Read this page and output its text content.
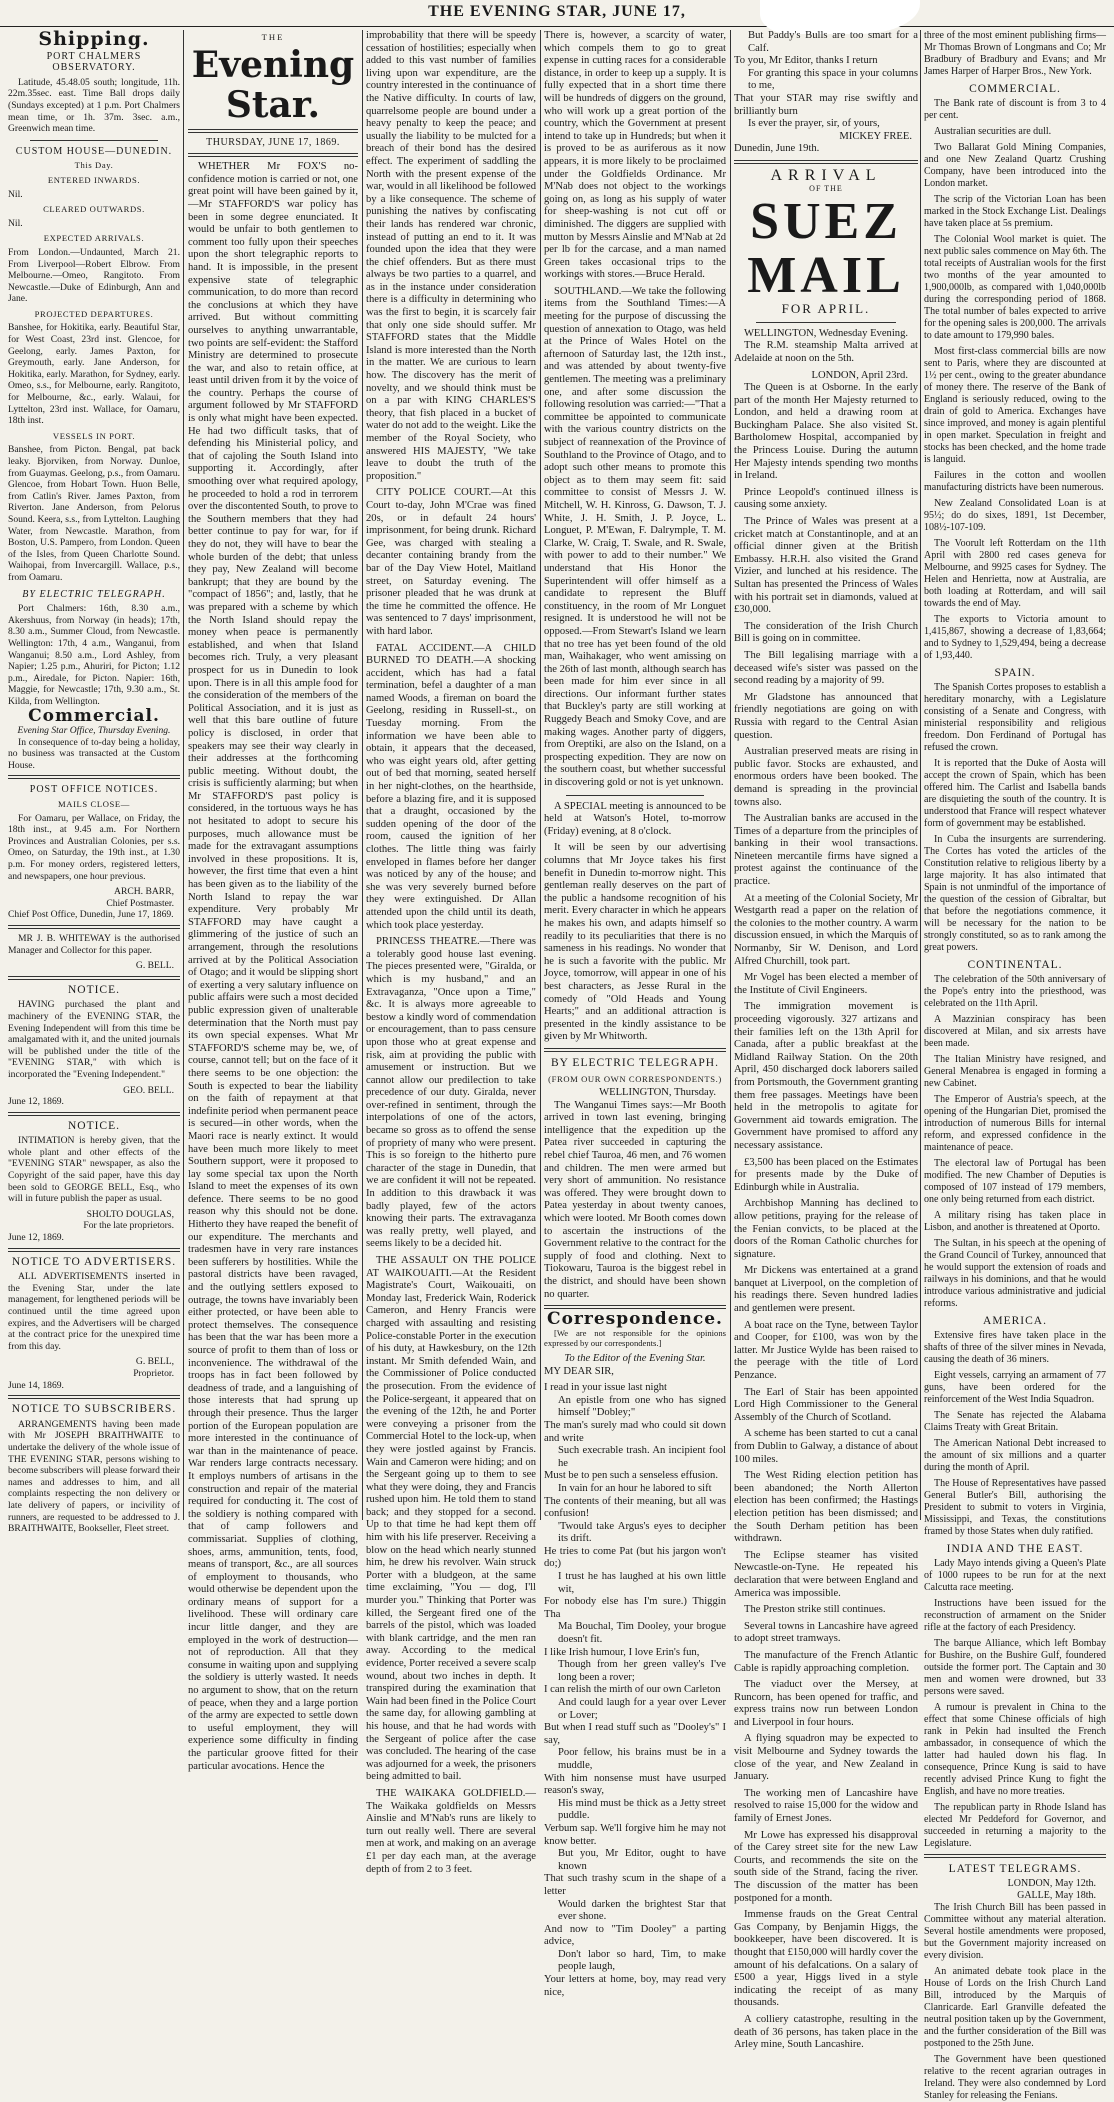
THE EVENING STAR, JUNE 17,
Shipping.
PORT CHALMERS OBSERVATORY.

Latitude, 45.48.05 south; longitude, 11h. 22m.35sec. east. Time Ball drops daily (Sundays excepted) at 1 p.m. Port Chalmers mean time, or 1h. 37m. 3sec. a.m., Greenwich mean time.

CUSTOM HOUSE—DUNEDIN.
This Day.
ENTERED INWARDS.

Nil.

CLEARED OUTWARDS.

Nil.

EXPECTED ARRIVALS.

From London.—Undaunted, March 21. From Liverpool—Robert Elbrow. From Melbourne.—Omeo, Rangitoto. From Newcastle.—Duke of Edinburgh, Ann and Jane.

PROJECTED DEPARTURES.

Banshee, for Hokitika, early. Beautiful Star, for West Coast, 23rd inst. Glencoe, for Geelong, early. James Paxton, for Greymouth, early. Jane Anderson, for Hokitika, early. Marathon, for Sydney, early. Omeo, s.s., for Melbourne, early. Rangitoto, for Melbourne, &c., early. Walaui, for Lyttelton, 23rd inst. Wallace, for Oamaru, 18th inst.

VESSELS IN PORT.

Banshee, from Picton. Bengal, pat back leaky. Bjorviken, from Norway. Dunloe, from Guaymas. Geelong, p.s., from Oamaru. Glencoe, from Hobart Town. Huon Belle, from Catlin's River. James Paxton, from Riverton. Jane Anderson, from Pelorus Sound. Keera, s.s., from Lyttelton. Laughing Water, from Newcastle. Marathon, from Boston, U.S. Pampero, from London. Queen of the Isles, from Queen Charlotte Sound. Waihopai, from Invercargill. Wallace, p.s., from Oamaru.

BY ELECTRIC TELEGRAPH.

Port Chalmers: 16th, 8.30 a.m., Akershuus, from Norway (in heads); 17th, 8.30 a.m., Summer Cloud, from Newcastle. Wellington: 17th, 4 a.m., Wanganui, from Wanganui; 8.50 a.m., Lord Ashley, from Napier; 1.25 p.m., Ahuriri, for Picton; 1.12 p.m., Airedale, for Picton. Napier: 16th, Maggie, for Newcastle; 17th, 9.30 a.m., St. Kilda, from Wellington.

Commercial.
Evening Star Office, Thursday Evening.

In consequence of to-day being a holiday, no business was transacted at the Custom House.

POST OFFICE NOTICES.
MAILS CLOSE—

For Oamaru, per Wallace, on Friday, the 18th inst., at 9.45 a.m. For Northern Provinces and Australian Colonies, per s.s. Omeo, on Saturday, the 19th inst., at 1.30 p.m. For money orders, registered letters, and newspapers, one hour previous.

ARCH. BARR,
Chief Postmaster.

Chief Post Office, Dunedin, June 17, 1869.

MR J. B. WHITEWAY is the authorised Manager and Collector for this paper.

G. BELL.
NOTICE.

HAVING purchased the plant and machinery of the EVENING STAR, the Evening Independent will from this time be amalgamated with it, and the united journals will be published under the title of the "EVENING STAR," with which is incorporated the "Evening Independent."

GEO. BELL.

June 12, 1869.

NOTICE.

INTIMATION is hereby given, that the whole plant and other effects of the "EVENING STAR" newspaper, as also the Copyright of the said paper, have this day been sold to GEORGE BELL, Esq., who will in future publish the paper as usual.

SHOLTO DOUGLAS,
For the late proprietors.

June 12, 1869.

NOTICE TO ADVERTISERS.

ALL ADVERTISEMENTS inserted in the Evening Star, under the late management, for lengthened periods will be continued until the time agreed upon expires, and the Advertisers will be charged at the contract price for the unexpired time from this day.

G. BELL,
Proprietor.

June 14, 1869.

NOTICE TO SUBSCRIBERS.

ARRANGEMENTS having been made with Mr JOSEPH BRAITHWAITE to undertake the delivery of the whole issue of THE EVENING STAR, persons wishing to become subscribers will please forward their names and addresses to him, and all complaints respecting the non delivery or late delivery of papers, or incivility of runners, are requested to be addressed to J. BRAITHWAITE, Bookseller, Fleet street.

THE
Evening Star.
THURSDAY, JUNE 17, 1869.

WHETHER Mr FOX'S no-confidence motion is carried or not, one great point will have been gained by it,—Mr STAFFORD'S war policy has been in some degree enunciated. It would be unfair to both gentlemen to comment too fully upon their speeches upon the short telegraphic reports to hand. It is impossible, in the present expensive state of telegraphic communication, to do more than record the conclusions at which they have arrived. But without committing ourselves to anything unwarrantable, two points are self-evident: the Stafford Ministry are determined to prosecute the war, and also to retain office, at least until driven from it by the voice of the country. Perhaps the course of argument followed by Mr STAFFORD is only what might have been expected. He had two difficult tasks, that of defending his Ministerial policy, and that of cajoling the South Island into supporting it. Accordingly, after smoothing over what required apology, he proceeded to hold a rod in terrorem over the discontented South, to prove to the Southern members that they had better continue to pay for war, for if they do not, they will have to bear the whole burden of the debt; that unless they pay, New Zealand will become bankrupt; that they are bound by the "compact of 1856"; and, lastly, that he was prepared with a scheme by which the North Island should repay the money when peace is permanently established, and when that Island becomes rich. Truly, a very pleasant prospect for us in Dunedin to look upon. There is in all this ample food for the consideration of the members of the Political Association, and it is just as well that this bare outline of future policy is disclosed, in order that speakers may see their way clearly in their addresses at the forthcoming public meeting. Without doubt, the crisis is sufficiently alarming; but when Mr STAFFORD'S past policy is considered, in the tortuous ways he has not hesitated to adopt to secure his purposes, much allowance must be made for the extravagant assumptions involved in these propositions. It is, however, the first time that even a hint has been given as to the liability of the North Island to repay the war expenditure. Very probably Mr STAFFORD may have caught a glimmering of the justice of such an arrangement, through the resolutions arrived at by the Political Association of Otago; and it would be slipping short of exerting a very salutary influence on public affairs were such a most decided public expression given of unalterable determination that the North must pay its own special expenses. What Mr STAFFORD'S scheme may be, we, of course, cannot tell; but on the face of it there seems to be one objection: the South is expected to bear the liability on the faith of repayment at that indefinite period when permanent peace is secured—in other words, when the Maori race is nearly extinct. It would have been much more likely to meet Southern support, were it proposed to lay some special tax upon the North Island to meet the expenses of its own defence. There seems to be no good reason why this should not be done. Hitherto they have reaped the benefit of our expenditure. The merchants and tradesmen have in very rare instances been sufferers by hostilities. While the pastoral districts have been ravaged, and the outlying settlers exposed to outrage, the towns have invariably been either protected, or have been able to protect themselves. The consequence has been that the war has been more a source of profit to them than of loss or inconvenience. The withdrawal of the troops has in fact been followed by deadness of trade, and a languishing of those interests that had sprung up through their presence. Thus the larger portion of the European population are more interested in the continuance of war than in the maintenance of peace. War renders large contracts necessary. It employs numbers of artisans in the construction and repair of the material required for conducting it. The cost of the soldiery is nothing compared with that of camp followers and commissariat. Supplies of clothing, shoes, arms, ammunition, tents, food, means of transport, &c., are all sources of employment to thousands, who would otherwise be dependent upon the ordinary means of support for a livelihood. These will ordinary care incur little danger, and they are employed in the work of destruction—not of reproduction. All that they consume in waiting upon and supplying the soldiery is utterly wasted. It needs no argument to show, that on the return of peace, when they and a large portion of the army are expected to settle down to useful employment, they will experience some difficulty in finding the particular groove fitted for their particular avocations. Hence the

improbability that there will be speedy cessation of hostilities; especially when added to this vast number of families living upon war expenditure, are the country interested in the continuance of the Native difficulty. In courts of law, quarrelsome people are bound under a heavy penalty to keep the peace; and usually the liability to be mulcted for a breach of their bond has the desired effect. The experiment of saddling the North with the present expense of the war, would in all likelihood be followed by a like consequence. The scheme of punishing the natives by confiscating their lands has rendered war chronic, instead of putting an end to it. It was founded upon the idea that they were the chief offenders. But as there must always be two parties to a quarrel, and as in the instance under consideration there is a difficulty in determining who was the first to begin, it is scarcely fair that only one side should suffer. Mr STAFFORD states that the Middle Island is more interested than the North in the matter. We are curious to learn how. The discovery has the merit of novelty, and we should think must be on a par with KING CHARLES'S theory, that fish placed in a bucket of water do not add to the weight. Like the member of the Royal Society, who answered HIS MAJESTY, "We take leave to doubt the truth of the proposition."

CITY POLICE COURT.—At this Court to-day, John M'Crae was fined 20s, or in default 24 hours' imprisonment, for being drunk. Richard Gee, was charged with stealing a decanter containing brandy from the bar of the Day View Hotel, Maitland street, on Saturday evening. The prisoner pleaded that he was drunk at the time he committed the offence. He was sentenced to 7 days' imprisonment, with hard labor.

FATAL ACCIDENT.—A CHILD BURNED TO DEATH.—A shocking accident, which has had a fatal termination, befel a daughter of a man named Woods, a fireman on board the Geelong, residing in Russell-st., on Tuesday morning. From the information we have been able to obtain, it appears that the deceased, who was eight years old, after getting out of bed that morning, seated herself in her night-clothes, on the hearthside, before a blazing fire, and it is supposed that a draught, occasioned by the sudden opening of the door of the room, caused the ignition of her clothes. The little thing was fairly enveloped in flames before her danger was noticed by any of the house; and she was very severely burned before they were extinguished. Dr Allan attended upon the child until its death, which took place yesterday.

PRINCESS THEATRE.—There was a tolerably good house last evening. The pieces presented were, "Giralda, or which is my husband," and an Extravaganza, "Once upon a Time," &c. It is always more agreeable to bestow a kindly word of commendation or encouragement, than to pass censure upon those who at great expense and risk, aim at providing the public with amusement or instruction. But we cannot allow our predilection to take precedence of our duty. Giralda, never over-refined in sentiment, through the interpolations of one of the actors, became so gross as to offend the sense of propriety of many who were present. This is so foreign to the hitherto pure character of the stage in Dunedin, that we are confident it will not be repeated. In addition to this drawback it was badly played, few of the actors knowing their parts. The extravaganza was really pretty, well played, and seems likely to be a decided hit.

THE ASSAULT ON THE POLICE AT WAIKOUAITI.—At the Resident Magistrate's Court, Waikouaiti, on Monday last, Frederick Wain, Roderick Cameron, and Henry Francis were charged with assaulting and resisting Police-constable Porter in the execution of his duty, at Hawkesbury, on the 12th instant. Mr Smith defended Wain, and the Commissioner of Police conducted the prosecution. From the evidence of the Police-sergeant, it appeared that on the evening of the 12th, he and Porter were conveying a prisoner from the Commercial Hotel to the lock-up, when they were jostled against by Francis. Wain and Cameron were hiding; and on the Sergeant going up to them to see what they were doing, they and Francis rushed upon him. He told them to stand back; and they stopped for a second. Up to that time he had kept them off him with his life preserver. Receiving a blow on the head which nearly stunned him, he drew his revolver. Wain struck Porter with a bludgeon, at the same time exclaiming, "You — dog, I'll murder you." Thinking that Porter was killed, the Sergeant fired one of the barrels of the pistol, which was loaded with blank cartridge, and the men ran away. According to the medical evidence, Porter received a severe scalp wound, about two inches in depth. It transpired during the examination that Wain had been fined in the Police Court the same day, for allowing gambling at his house, and that he had words with the Sergeant of police after the case was concluded. The hearing of the case was adjourned for a week, the prisoners being admitted to bail.

THE WAIKAKA GOLDFIELD.—The Waikaka goldfields on Messrs Ainslie and M'Nab's runs are likely to turn out really well. There are several men at work, and making on an average £1 per day each man, at the average depth of from 2 to 3 feet.

There is, however, a scarcity of water, which compels them to go to great expense in cutting races for a considerable distance, in order to keep up a supply. It is fully expected that in a short time there will be hundreds of diggers on the ground, who will work up a great portion of the country, which the Government at present intend to take up in Hundreds; but when it is proved to be as auriferous as it now appears, it is more likely to be proclaimed under the Goldfields Ordinance. Mr M'Nab does not object to the workings going on, as long as his supply of water for sheep-washing is not cut off or diminished. The diggers are supplied with mutton by Messrs Ainslie and M'Nab at 2d per lb for the carcase, and a man named Green takes occasional trips to the workings with stores.—Bruce Herald.

SOUTHLAND.—We take the following items from the Southland Times:—A meeting for the purpose of discussing the question of annexation to Otago, was held at the Prince of Wales Hotel on the afternoon of Saturday last, the 12th inst., and was attended by about twenty-five gentlemen. The meeting was a preliminary one, and after some discussion the following resolution was carried:—"That a committee be appointed to communicate with the various country districts on the subject of reannexation of the Province of Southland to the Province of Otago, and to adopt such other means to promote this object as to them may seem fit: said committee to consist of Messrs J. W. Mitchell, W. H. Kinross, G. Dawson, T. J. White, J. H. Smith, J. P. Joyce, L. Longuet, P. M'Ewan, F. Dalrymple, T. M. Clarke, W. Craig, T. Swale, and R. Swale, with power to add to their number." We understand that His Honor the Superintendent will offer himself as a candidate to represent the Bluff constituency, in the room of Mr Longuet resigned. It is understood he will not be opposed.—From Stewart's Island we learn that no tree has yet been found of the old man, Waihakager, who went amissing on the 26th of last month, although search has been made for him ever since in all directions. Our informant further states that Buckley's party are still working at Ruggedy Beach and Smoky Cove, and are making wages. Another party of diggers, from Oreptiki, are also on the Island, on a prospecting expedition. They are now on the southern coast, but whether successful in discovering gold or not is yet unknown.

A SPECIAL meeting is announced to be held at Watson's Hotel, to-morrow (Friday) evening, at 8 o'clock.

It will be seen by our advertising columns that Mr Joyce takes his first benefit in Dunedin to-morrow night. This gentleman really deserves on the part of the public a handsome recognition of his merit. Every character in which he appears he makes his own, and adapts himself so readily to its peculiarities that there is no sameness in his readings. No wonder that he is such a favorite with the public. Mr Joyce, tomorrow, will appear in one of his best characters, as Jesse Rural in the comedy of "Old Heads and Young Hearts;" and an additional attraction is presented in the kindly assistance to be given by Mr Whitworth.

BY ELECTRIC TELEGRAPH.
(FROM OUR OWN CORRESPONDENTS.)
WELLINGTON, Thursday.

The Wanganui Times says:—Mr Booth arrived in town last evening, bringing intelligence that the expedition up the Patea river succeeded in capturing the rebel chief Tauroa, 46 men, and 76 women and children. The men were armed but very short of ammunition. No resistance was offered. They were brought down to Patea yesterday in about twenty canoes, which were looted. Mr Booth comes down to ascertain the instructions of the Government relative to the contract for the supply of food and clothing. Next to Tiokowaru, Tauroa is the biggest rebel in the district, and should have been shown no quarter.

Correspondence.

[We are not responsible for the opinions expressed by our correspondents.]

To the Editor of the Evening Star.

MY DEAR SIR,

I read in your issue last night

An epistle from one who has signed himself "Dobley;"

The man's surely mad who could sit down and write

Such execrable trash. An incipient fool he

Must be to pen such a senseless effusion.

In vain for an hour he labored to sift

The contents of their meaning, but all was confusion!

'Twould take Argus's eyes to decipher its drift.

He tries to come Pat (but his jargon won't do;)

I trust he has laughed at his own little wit,

For nobody else has I'm sure.) Thiggin Tha

Ma Bouchal, Tim Dooley, your brogue doesn't fit.

I like Irish humour, I love Erin's fun,

Though from her green valley's I've long been a rover;

I can relish the mirth of our own Carleton

And could laugh for a year over Lever or Lover;

But when I read stuff such as "Dooley's" I say,

Poor fellow, his brains must be in a muddle,

With him nonsense must have usurped reason's sway,

His mind must be thick as a Jetty street puddle.

Verbum sap. We'll forgive him he may not know better.

But you, Mr Editor, ought to have known

That such trashy scum in the shape of a letter

Would darken the brightest Star that ever shone.

And now to "Tim Dooley" a parting advice,

Don't labor so hard, Tim, to make people laugh,

Your letters at home, boy, may read very nice,

But Paddy's Bulls are too smart for a Calf.

To you, Mr Editor, thanks I return

For granting this space in your columns to me,

That your STAR may rise swiftly and brilliantly burn

Is ever the prayer, sir, of yours,

MICKEY FREE.

Dunedin, June 19th.

ARRIVAL
OF THE
SUEZ MAIL
FOR APRIL.
WELLINGTON, Wednesday Evening.

The R.M. steamship Malta arrived at Adelaide at noon on the 5th.

LONDON, April 23rd.

The Queen is at Osborne. In the early part of the month Her Majesty returned to London, and held a drawing room at Buckingham Palace. She also visited St. Bartholomew Hospital, accompanied by the Princess Louise. During the autumn Her Majesty intends spending two months in Ireland.

Prince Leopold's continued illness is causing some anxiety.

The Prince of Wales was present at a cricket match at Constantinople, and at an official dinner given at the British Embassy. H.R.H. also visited the Grand Vizier, and lunched at his residence. The Sultan has presented the Princess of Wales with his portrait set in diamonds, valued at £30,000.

The consideration of the Irish Church Bill is going on in committee.

The Bill legalising marriage with a deceased wife's sister was passed on the second reading by a majority of 99.

Mr Gladstone has announced that friendly negotiations are going on with Russia with regard to the Central Asian question.

Australian preserved meats are rising in public favor. Stocks are exhausted, and enormous orders have been booked. The demand is spreading in the provincial towns also.

The Australian banks are accused in the Times of a departure from the principles of banking in their wool transactions. Nineteen mercantile firms have signed a protest against the continuance of the practice.

At a meeting of the Colonial Society, Mr Westgarth read a paper on the relation of the colonies to the mother country. A warm discussion ensued, in which the Marquis of Normanby, Sir W. Denison, and Lord Alfred Churchill, took part.

Mr Vogel has been elected a member of the Institute of Civil Engineers.

The immigration movement is proceeding vigorously. 327 artizans and their families left on the 13th April for Canada, after a public breakfast at the Midland Railway Station. On the 20th April, 450 discharged dock laborers sailed from Portsmouth, the Government granting them free passages. Meetings have been held in the metropolis to agitate for Government aid towards emigration. The Government have promised to afford any necessary assistance.

£3,500 has been placed on the Estimates for presents made by the Duke of Edinburgh while in Australia.

Archbishop Manning has declined to allow petitions, praying for the release of the Fenian convicts, to be placed at the doors of the Roman Catholic churches for signature.

Mr Dickens was entertained at a grand banquet at Liverpool, on the completion of his readings there. Seven hundred ladies and gentlemen were present.

A boat race on the Tyne, between Taylor and Cooper, for £100, was won by the latter. Mr Justice Wylde has been raised to the peerage with the title of Lord Penzance.

The Earl of Stair has been appointed Lord High Commissioner to the General Assembly of the Church of Scotland.

A scheme has been started to cut a canal from Dublin to Galway, a distance of about 100 miles.

The West Riding election petition has been abandoned; the North Allerton election has been confirmed; the Hastings election petition has been dismissed; and the South Derham petition has been withdrawn.

The Eclipse steamer has visited Newcastle-on-Tyne. He repeated his declaration that were between England and America was impossible.

The Preston strike still continues.

Several towns in Lancashire have agreed to adopt street tramways.

The manufacture of the French Atlantic Cable is rapidly approaching completion.

The viaduct over the Mersey, at Runcorn, has been opened for traffic, and express trains now run between London and Liverpool in four hours.

A flying squadron may be expected to visit Melbourne and Sydney towards the close of the year, and New Zealand in January.

The working men of Lancashire have resolved to raise 15,000 for the widow and family of Ernest Jones.

Mr Lowe has expressed his disapproval of the Carey street site for the new Law Courts, and recommends the site on the south side of the Strand, facing the river. The discussion of the matter has been postponed for a month.

Immense frauds on the Great Central Gas Company, by Benjamin Higgs, the bookkeeper, have been discovered. It is thought that £150,000 will hardly cover the amount of his defalcations. On a salary of £500 a year, Higgs lived in a style indicating the receipt of as many thousands.

A colliery catastrophe, resulting in the death of 36 persons, has taken place in the Arley mine, South Lancashire.

three of the most eminent publishing firms—Mr Thomas Brown of Longmans and Co; Mr Bradbury of Bradbury and Evans; and Mr James Harper of Harper Bros., New York.

COMMERCIAL.

The Bank rate of discount is from 3 to 4 per cent.

Australian securities are dull.

Two Ballarat Gold Mining Companies, and one New Zealand Quartz Crushing Company, have been introduced into the London market.

The scrip of the Victorian Loan has been marked in the Stock Exchange List. Dealings have taken place at 5s premium.

The Colonial Wool market is quiet. The next public sales commence on May 6th. The total receipts of Australian wools for the first two months of the year amounted to 1,900,000lb, as compared with 1,040,000lb during the corresponding period of 1868. The total number of bales expected to arrive for the opening sales is 200,000. The arrivals to date amount to 179,990 bales.

Most first-class commercial bills are now sent to Paris, where they are discounted at 1½ per cent., owing to the greater abundance of money there. The reserve of the Bank of England is seriously reduced, owing to the drain of gold to America. Exchanges have since improved, and money is again plentiful in open market. Speculation in freight and stocks has been checked, and the home trade is languid.

Failures in the cotton and woollen manufacturing districts have been numerous.

New Zealand Consolidated Loan is at 95½; do do sixes, 1891, 1st December, 108½-107-109.

The Voorult left Rotterdam on the 11th April with 2800 red cases geneva for Melbourne, and 9925 cases for Sydney. The Helen and Henrietta, now at Australia, are both loading at Rotterdam, and will sail towards the end of May.

The exports to Victoria amount to 1,415,867, showing a decrease of 1,83,664; and to Sydney to 1,529,494, being a decrease of 1,93,440.

SPAIN.

The Spanish Cortes proposes to establish a hereditary monarchy, with a Legislature consisting of a Senate and Congress, with ministerial responsibility and religious freedom. Don Ferdinand of Portugal has refused the crown.

It is reported that the Duke of Aosta will accept the crown of Spain, which has been offered him. The Carlist and Isabella bands are disquieting the south of the country. It is understood that France will respect whatever form of government may be established.

In Cuba the insurgents are surrendering. The Cortes has voted the articles of the Constitution relative to religious liberty by a large majority. It has also intimated that Spain is not unmindful of the importance of the question of the cession of Gibraltar, but that before the negotiations commence, it will be necessary for the nation to be strongly constituted, so as to rank among the great powers.

CONTINENTAL.

The celebration of the 50th anniversary of the Pope's entry into the priesthood, was celebrated on the 11th April.

A Mazzinian conspiracy has been discovered at Milan, and six arrests have been made.

The Italian Ministry have resigned, and General Menabrea is engaged in forming a new Cabinet.

The Emperor of Austria's speech, at the opening of the Hungarian Diet, promised the introduction of numerous Bills for internal reform, and expressed confidence in the maintenance of peace.

The electoral law of Portugal has been modified. The new Chamber of Deputies is composed of 107 instead of 179 members, one only being returned from each district.

A military rising has taken place in Lisbon, and another is threatened at Oporto.

The Sultan, in his speech at the opening of the Grand Council of Turkey, announced that he would support the extension of roads and railways in his dominions, and that he would introduce various administrative and judicial reforms.

AMERICA.

Extensive fires have taken place in the shafts of three of the silver mines in Nevada, causing the death of 36 miners.

Eight vessels, carrying an armament of 77 guns, have been ordered for the reinforcement of the West India Squadron.

The Senate has rejected the Alabama Claims Treaty with Great Britain.

The American National Debt increased to the amount of six millions and a quarter during the month of April.

The House of Representatives have passed General Butler's Bill, authorising the President to submit to voters in Virginia, Mississippi, and Texas, the constitutions framed by those States when duly ratified.

INDIA AND THE EAST.

Lady Mayo intends giving a Queen's Plate of 1000 rupees to be run for at the next Calcutta race meeting.

Instructions have been issued for the reconstruction of armament on the Snider rifle at the factory of each Presidency.

The barque Alliance, which left Bombay for Bushire, on the Bushire Gulf, foundered outside the former port. The Captain and 30 men and women were drowned, but 33 persons were saved.

A rumour is prevalent in China to the effect that some Chinese officials of high rank in Pekin had insulted the French ambassador, in consequence of which the latter had hauled down his flag. In consequence, Prince Kung is said to have recently advised Prince Kung to fight the English, and have no more treaties.

The republican party in Rhode Island has elected Mr Peddeford for Governor, and succeeded in returning a majority to the Legislature.

LATEST TELEGRAMS.
LONDON, May 12th.
GALLE, May 18th.

The Irish Church Bill has been passed in Committee without any material alteration. Several hostile amendments were proposed, but the Government majority increased on every division.

An animated debate took place in the House of Lords on the Irish Church Land Bill, introduced by the Marquis of Clanricarde. Earl Granville defeated the neutral position taken up by the Government, and the further consideration of the Bill was postponed to the 25th June.

The Government have been questioned relative to the recent agrarian outrages in Ireland. They were also condemned by Lord Stanley for releasing the Fenians.
